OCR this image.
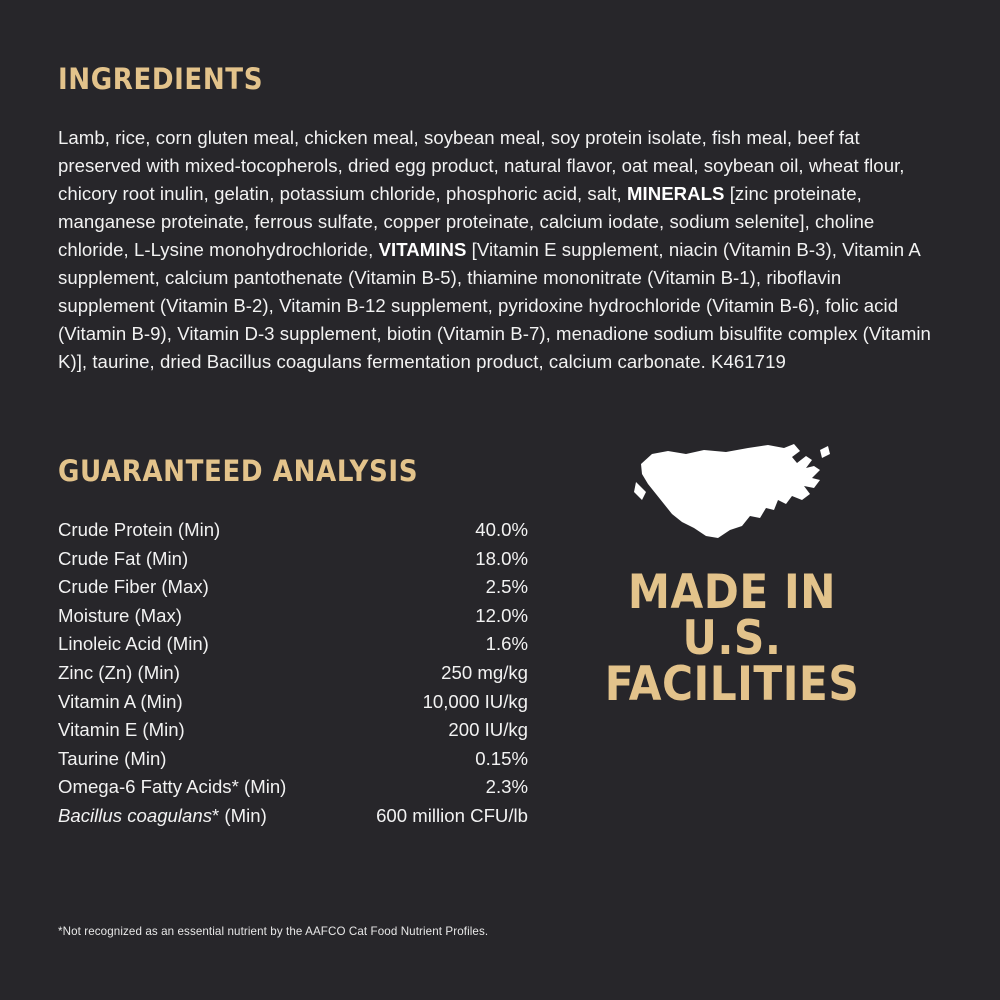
INGREDIENTS

Lamb, rice, corn gluten meal, chicken meal, soybean meal, soy protein isolate, fish meal, beef fat preserved with mixed-tocopherols, dried egg product, natural flavor, oat meal, soybean oil, wheat flour, chicory root inulin, gelatin, potassium chloride, phosphoric acid, salt, MINERALS [zinc proteinate, manganese proteinate, ferrous sulfate, copper proteinate, calcium iodate, sodium selenite], choline chloride, L-Lysine monohydrochloride, VITAMINS [Vitamin E supplement, niacin (Vitamin B-3), Vitamin A supplement, calcium pantothenate (Vitamin B-5), thiamine mononitrate (Vitamin B-1), riboflavin supplement (Vitamin B-2), Vitamin B-12 supplement, pyridoxine hydrochloride (Vitamin B-6), folic acid (Vitamin B-9), Vitamin D-3 supplement, biotin (Vitamin B-7), menadione sodium bisulfite complex (Vitamin K)], taurine, dried Bacillus coagulans fermentation product, calcium carbonate. K461719

GUARANTEED ANALYSIS
Crude Protein (Min)	40.0%
Crude Fat (Min)	18.0%
Crude Fiber (Max)	2.5%
Moisture (Max)	12.0%
Linoleic Acid (Min)	1.6%
Zinc (Zn) (Min)	250 mg/kg
Vitamin A (Min)	10,000 IU/kg
Vitamin E (Min)	200 IU/kg
Taurine (Min)	0.15%
Omega-6 Fatty Acids* (Min)	2.3%
Bacillus coagulans* (Min)	600 million CFU/lb
MADE IN
U.S.
FACILITIES
*Not recognized as an essential nutrient by the AAFCO Cat Food Nutrient Profiles.
